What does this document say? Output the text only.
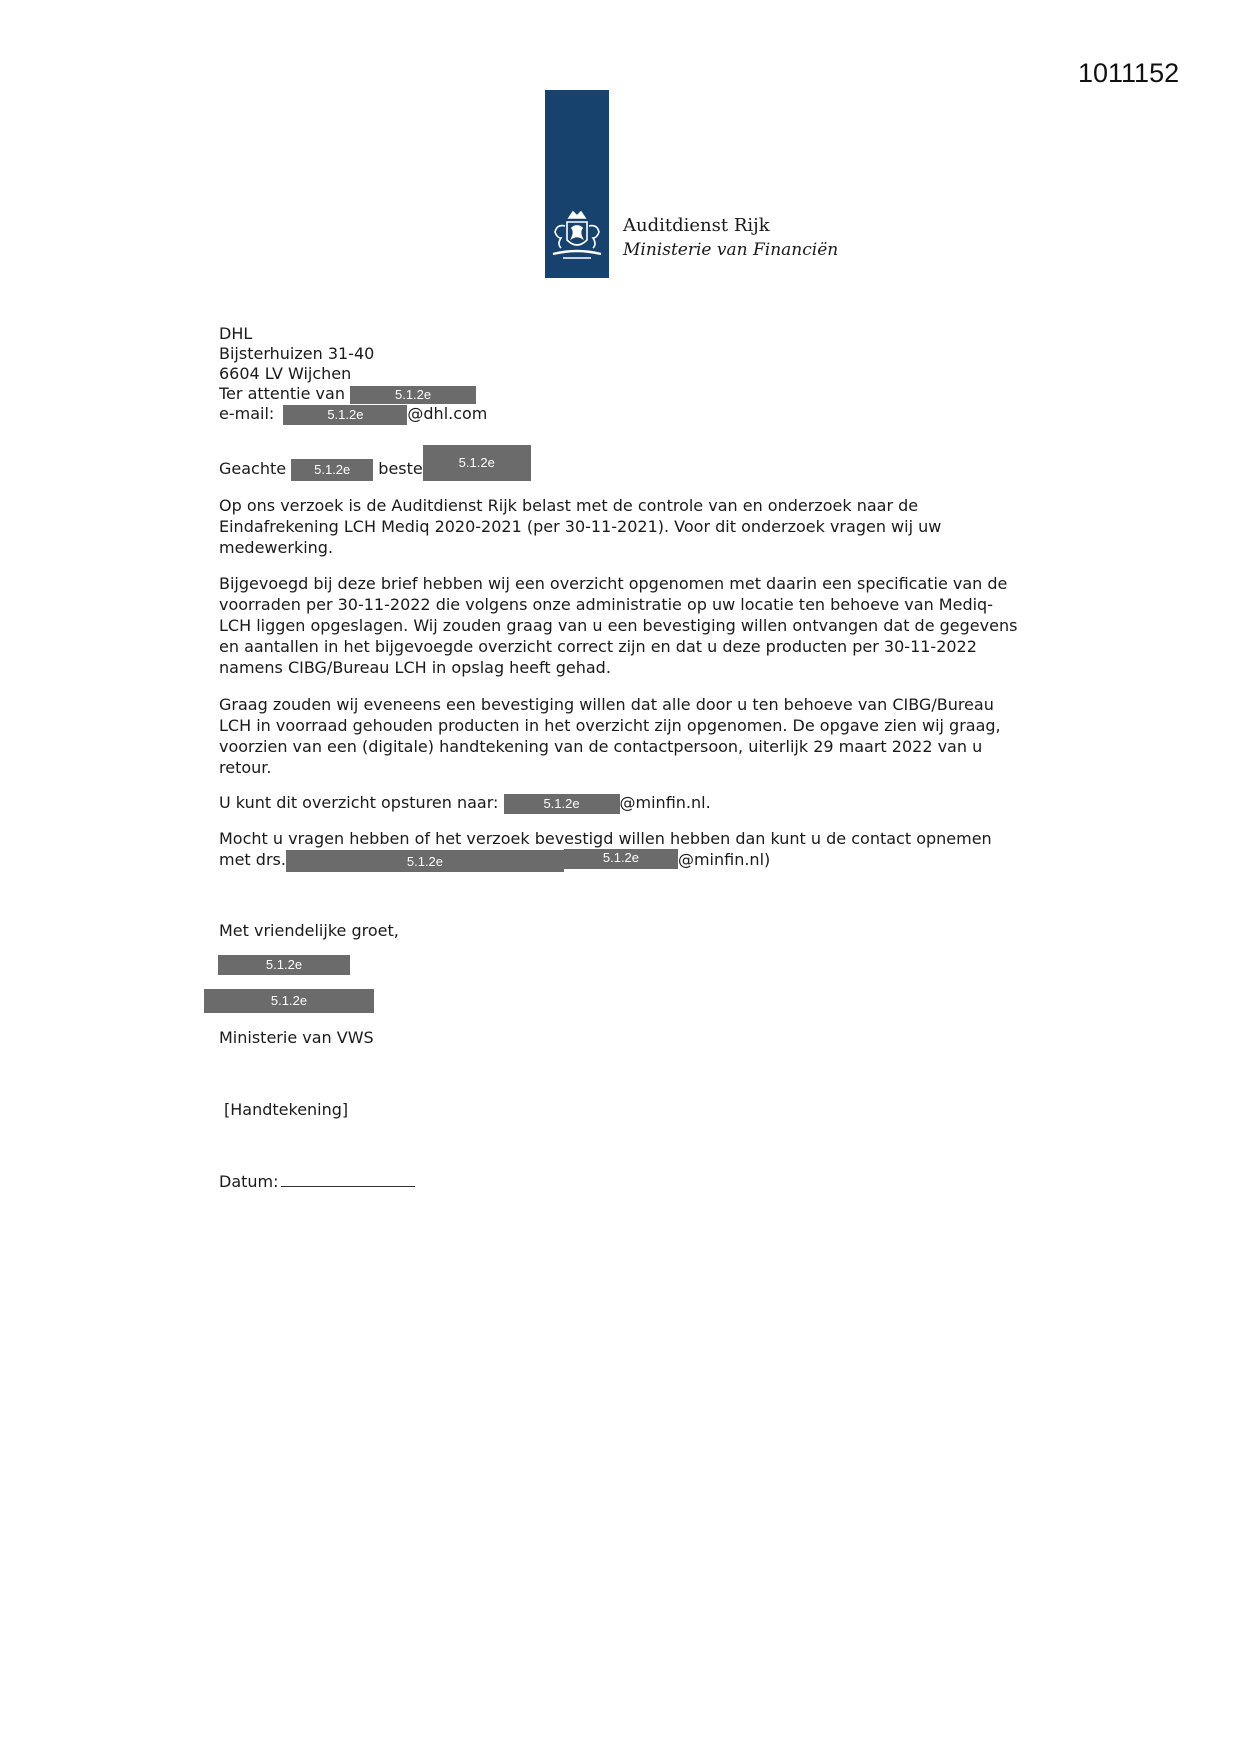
1011152
Auditdienst Rijk
Ministerie van Financiën
DHL
Bijsterhuizen 31-40
6604 LV Wijchen
Ter attentie van	5.1.2e
e-mail:	5.1.2e	@dhl.com
Geachte 5.1.2e beste	5.1.2e
Op ons verzoek is de Auditdienst Rijk belast met de controle van en onderzoek naar de
Eindafrekening LCH Mediq 2020-2021 (per 30-11-2021). Voor dit onderzoek vragen wij uw
medewerking.
Bijgevoegd bij deze brief hebben wij een overzicht opgenomen met daarin een specificatie van de
voorraden per 30-11-2022 die volgens onze administratie op uw locatie ten behoeve van Mediq-
LCH liggen opgeslagen. Wij zouden graag van u een bevestiging willen ontvangen dat de gegevens
en aantallen in het bijgevoegde overzicht correct zijn en dat u deze producten per 30-11-2022
namens CIBG/Bureau LCH in opslag heeft gehad.
Graag zouden wij eveneens een bevestiging willen dat alle door u ten behoeve van CIBG/Bureau
LCH in voorraad gehouden producten in het overzicht zijn opgenomen. De opgave zien wij graag,
voorzien van een (digitale) handtekening van de contactpersoon, uiterlijk 29 maart 2022 van u
retour.
U kunt dit overzicht opsturen naar:	5.1.2e @minfin.nl.
Mocht u vragen hebben of het verzoek bevestigd willen hebben dan kunt u de contact opnemen
met drs.	5.1.2e	5.1.2e @minfin.nl)
Met vriendelijke groet,
5.1.2e
5.1.2e
Ministerie van VWS
[Handtekening]
Datum:
